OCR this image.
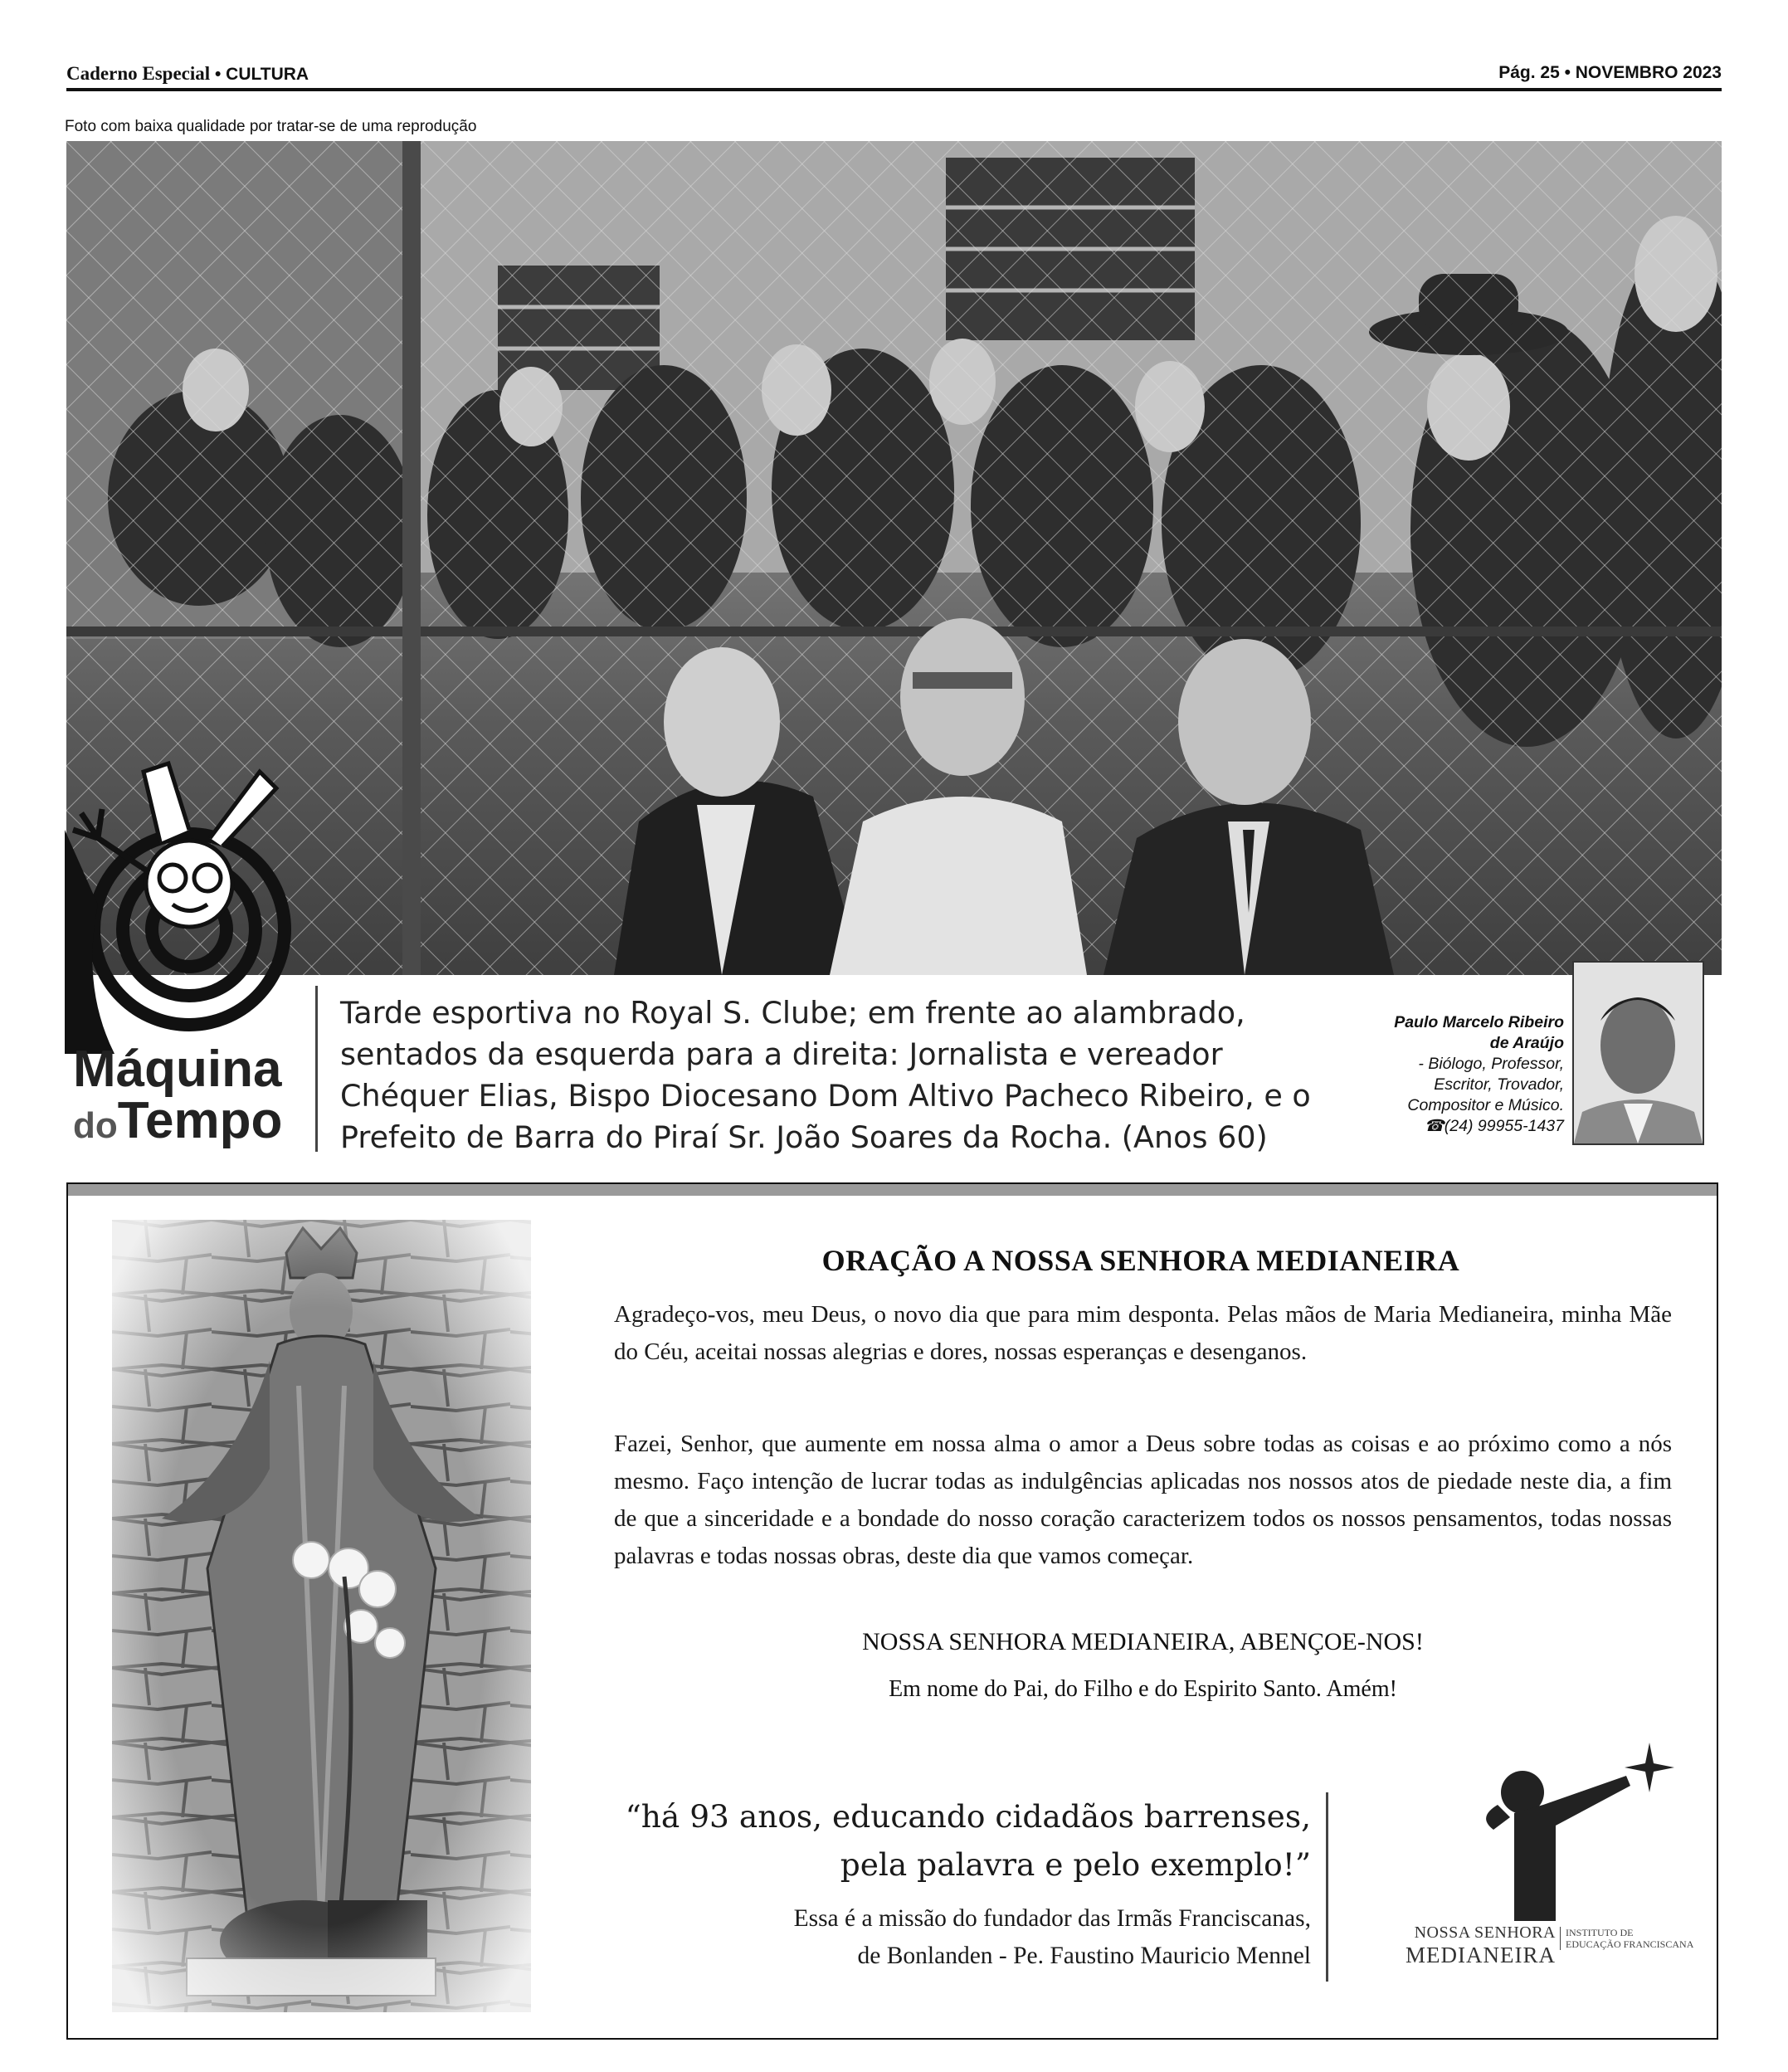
Caderno Especial • CULTURA	Pág. 25 • NOVEMBRO 2023
Foto com baixa qualidade por tratar-se de uma reprodução
Máquina
doTempo
Tarde esportiva no Royal S. Clube; em frente ao alambrado, sentados da esquerda para a direita: Jornalista e vereador Chéquer Elias, Bispo Diocesano Dom Altivo Pacheco Ribeiro, e o Prefeito de Barra do Piraí Sr. João Soares da Rocha. (Anos 60)
Paulo Marcelo Ribeiro
de Araújo
- Biólogo, Professor,
Escritor, Trovador,
Compositor e Músico.
☎(24) 99955-1437
ORAÇÃO A NOSSA SENHORA MEDIANEIRA
Agradeço-vos, meu Deus, o novo dia que para mim desponta. Pelas mãos de Maria Medianeira, minha Mãe do Céu, aceitai nossas alegrias e dores, nossas esperanças e desenganos.
Fazei, Senhor, que aumente em nossa alma o amor a Deus sobre todas as coisas e ao próximo como a nós mesmo. Faço intenção de lucrar todas as indulgências aplicadas nos nossos atos de piedade neste dia, a fim de que a sinceridade e a bondade do nosso coração caracterizem todos os nossos pensamentos, todas nossas palavras e todas nossas obras, deste dia que vamos começar.
NOSSA SENHORA MEDIANEIRA, ABENÇOE-NOS!
Em nome do Pai, do Filho e do Espirito Santo. Amém!
“há 93 anos, educando cidadãos barrenses,
pela palavra e pelo exemplo!”
Essa é a missão do fundador das Irmãs Franciscanas,
de Bonlanden - Pe. Faustino Mauricio Mennel
NOSSA SENHORA
MEDIANEIRA
INSTITUTO DE
EDUCAÇÃO FRANCISCANA
